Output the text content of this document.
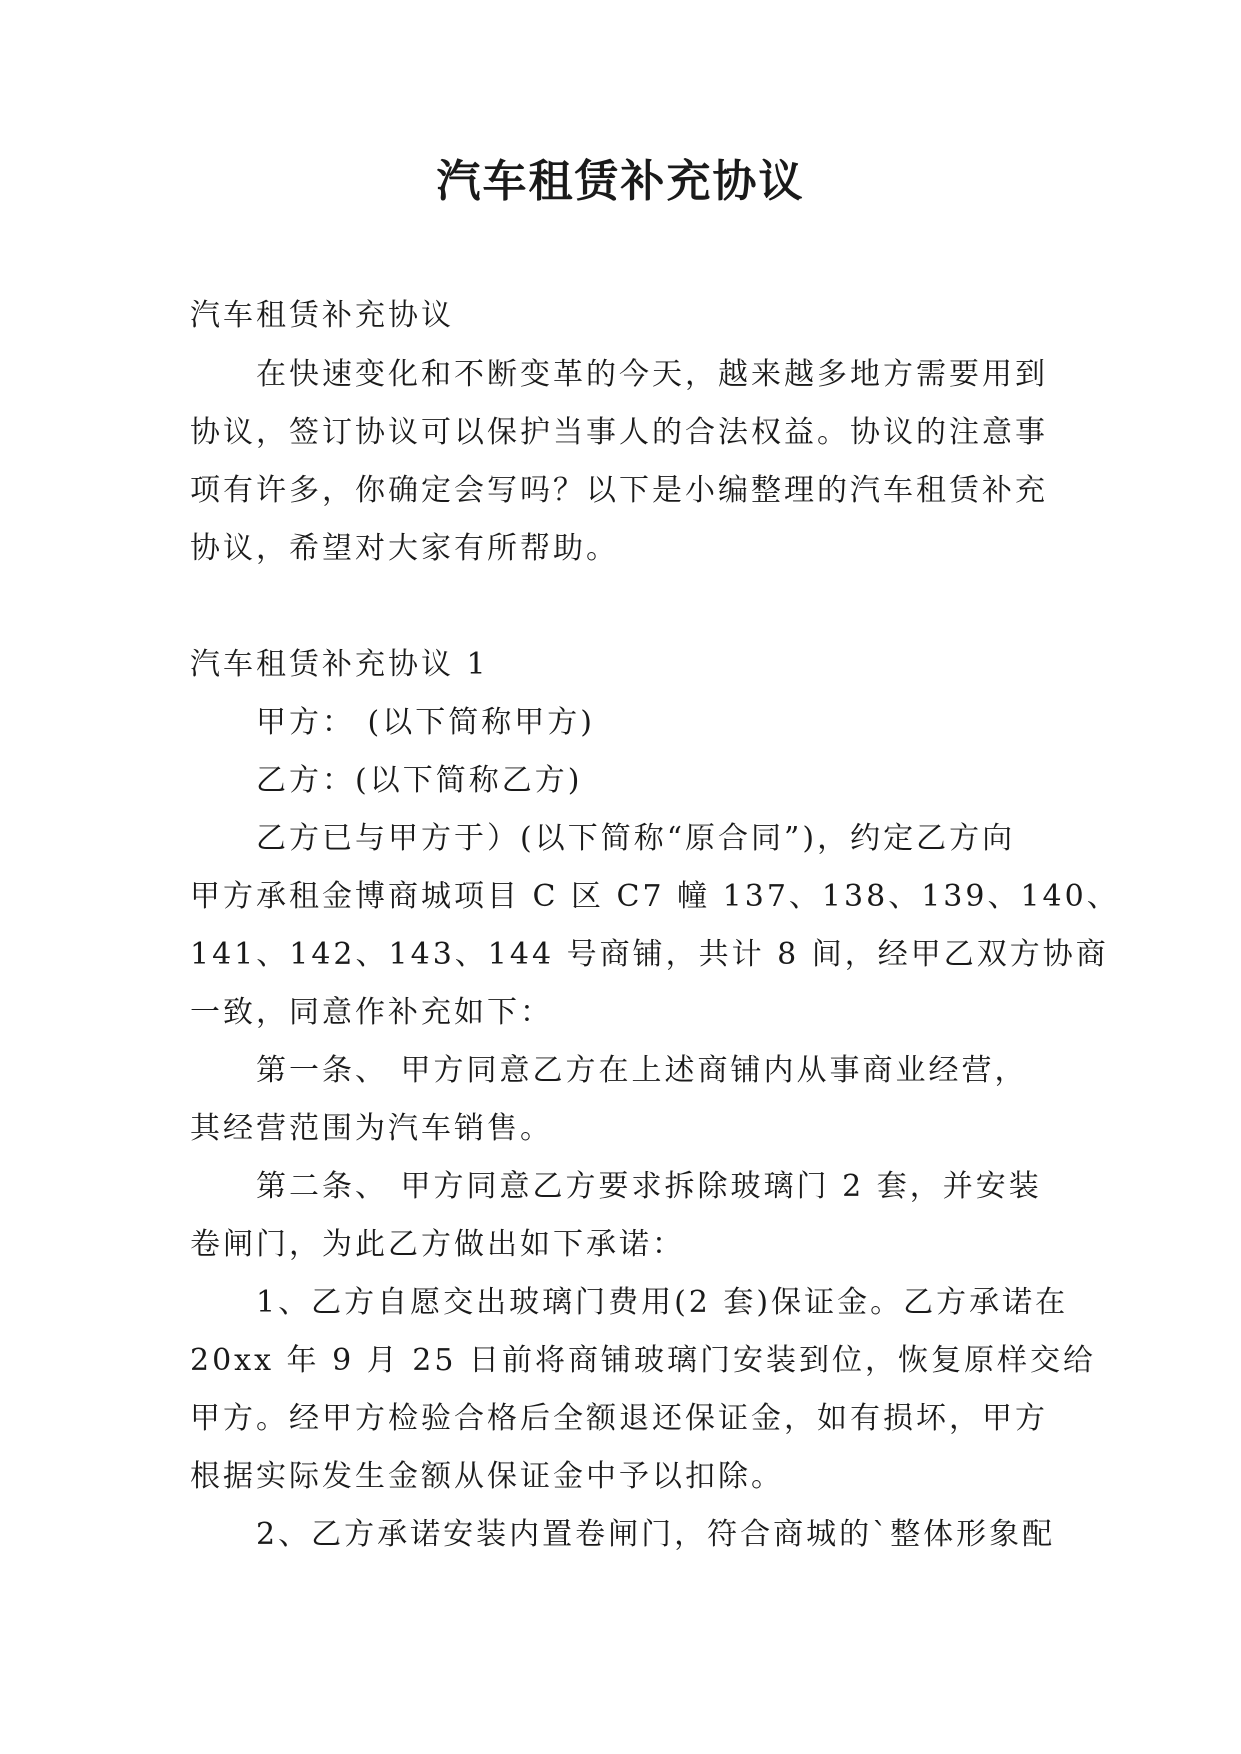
汽车租赁补充协议

汽车租赁补充协议

在快速变化和不断变革的今天，越来越多地方需要用到

协议，签订协议可以保护当事人的合法权益。协议的注意事

项有许多，你确定会写吗？以下是小编整理的汽车租赁补充

协议，希望对大家有所帮助。

汽车租赁补充协议 1

甲方： (以下简称甲方)

乙方：(以下简称乙方)

乙方已与甲方于）(以下简称“原合同”)，约定乙方向

甲方承租金博商城项目 C 区 C7 幢 137、138、139、140、

141、142、143、144 号商铺，共计 8 间，经甲乙双方协商

一致，同意作补充如下：

第一条、 甲方同意乙方在上述商铺内从事商业经营，

其经营范围为汽车销售。

第二条、 甲方同意乙方要求拆除玻璃门 2 套，并安装

卷闸门，为此乙方做出如下承诺：

1、乙方自愿交出玻璃门费用(2 套)保证金。乙方承诺在

20xx 年 9 月 25 日前将商铺玻璃门安装到位，恢复原样交给

甲方。经甲方检验合格后全额退还保证金，如有损坏，甲方

根据实际发生金额从保证金中予以扣除。

2、乙方承诺安装内置卷闸门，符合商城的`整体形象配
